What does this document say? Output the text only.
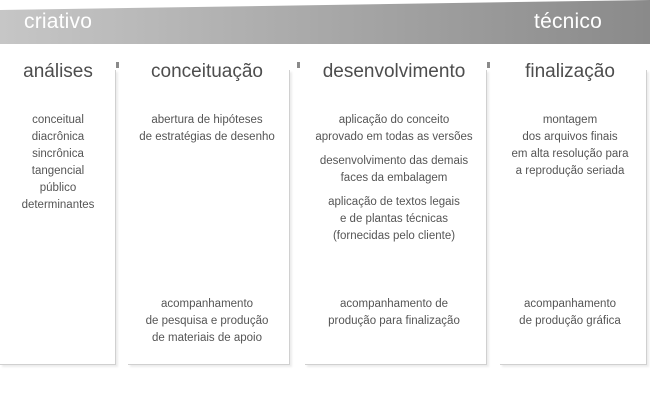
criativo	técnico
análises
conceitual
diacrônica
sincrônica
tangencial
público
determinantes
conceituação
abertura de hipóteses
de estratégias de desenho
acompanhamento
de pesquisa e produção
de materiais de apoio
desenvolvimento
aplicação do conceito
aprovado em todas as versões
desenvolvimento das demais
faces da embalagem
aplicação de textos legais
e de plantas técnicas
(fornecidas pelo cliente)
acompanhamento de
produção para finalização
finalização
montagem
dos arquivos finais
em alta resolução para
a reprodução seriada
acompanhamento
de produção gráfica
